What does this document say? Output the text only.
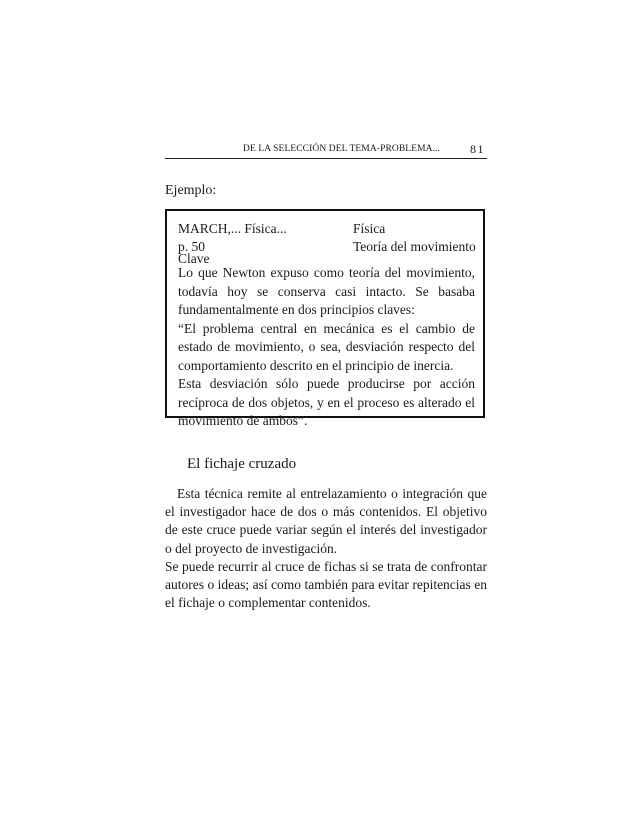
DE LA SELECCIÓN DEL TEMA-PROBLEMA... 81
Ejemplo:
MARCH,... Física...
p. 50
Clave
Física
Teoría del movimiento

Lo que Newton expuso como teoría del movimiento, todavía hoy se conserva casi intacto. Se basaba fundamentalmente en dos principios claves:

“El problema central en mecánica es el cambio de estado de movimiento, o sea, desviación respecto del comportamiento descrito en el principio de inercia.

Esta desviación sólo puede producirse por acción recíproca de dos objetos, y en el proceso es alterado el movimiento de ambos”.

El fichaje cruzado

Esta técnica remite al entrelazamiento o integración que el investigador hace de dos o más contenidos. El objetivo de este cruce puede variar según el interés del investigador o del proyecto de investigación.

Se puede recurrir al cruce de fichas si se trata de confrontar autores o ideas; así como también para evitar repitencias en el fichaje o complementar contenidos.
